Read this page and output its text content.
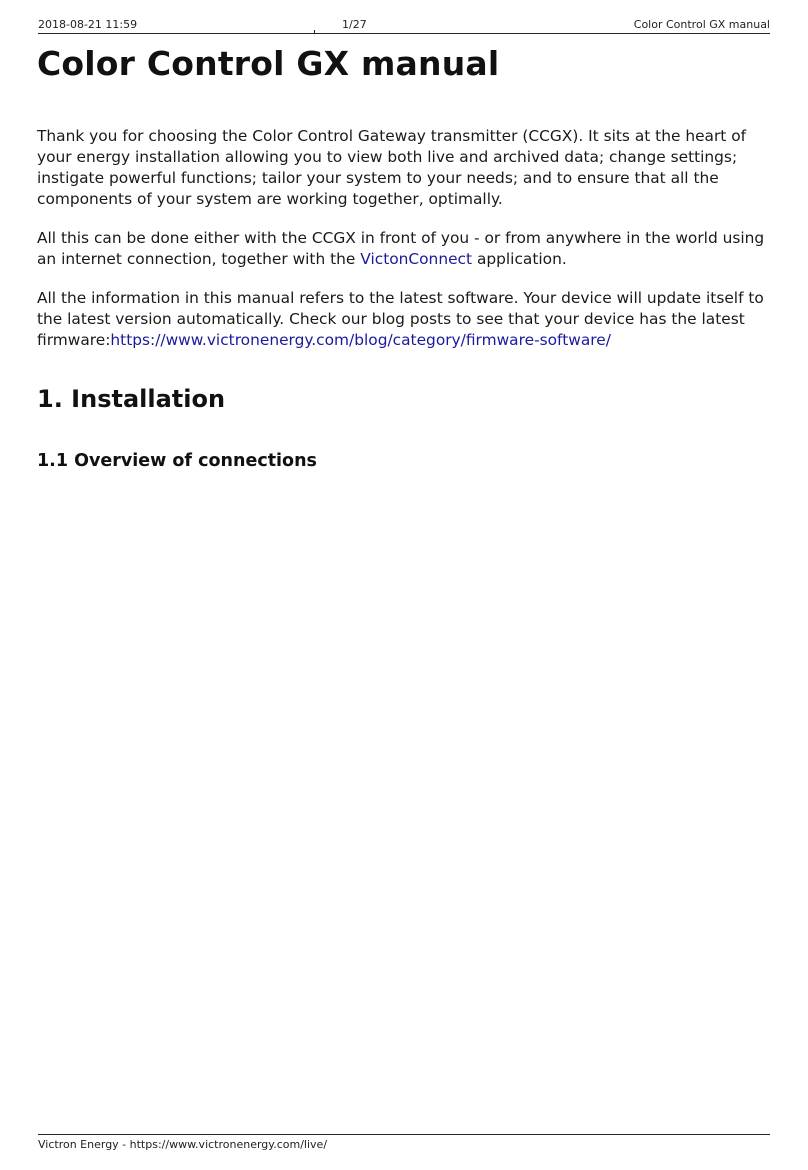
2018-08-21 11:59	1/27	Color Control GX manual
Color Control GX manual

Thank you for choosing the Color Control Gateway transmitter (CCGX). It sits at the heart of your energy installation allowing you to view both live and archived data; change settings; instigate powerful functions; tailor your system to your needs; and to ensure that all the components of your system are working together, optimally.

All this can be done either with the CCGX in front of you - or from anywhere in the world using an internet connection, together with the VictonConnect application.

All the information in this manual refers to the latest software. Your device will update itself to the latest version automatically. Check our blog posts to see that your device has the latest firmware:https://www.victronenergy.com/blog/category/firmware-software/

1. Installation
1.1 Overview of connections
Victron Energy - https://www.victronenergy.com/live/
